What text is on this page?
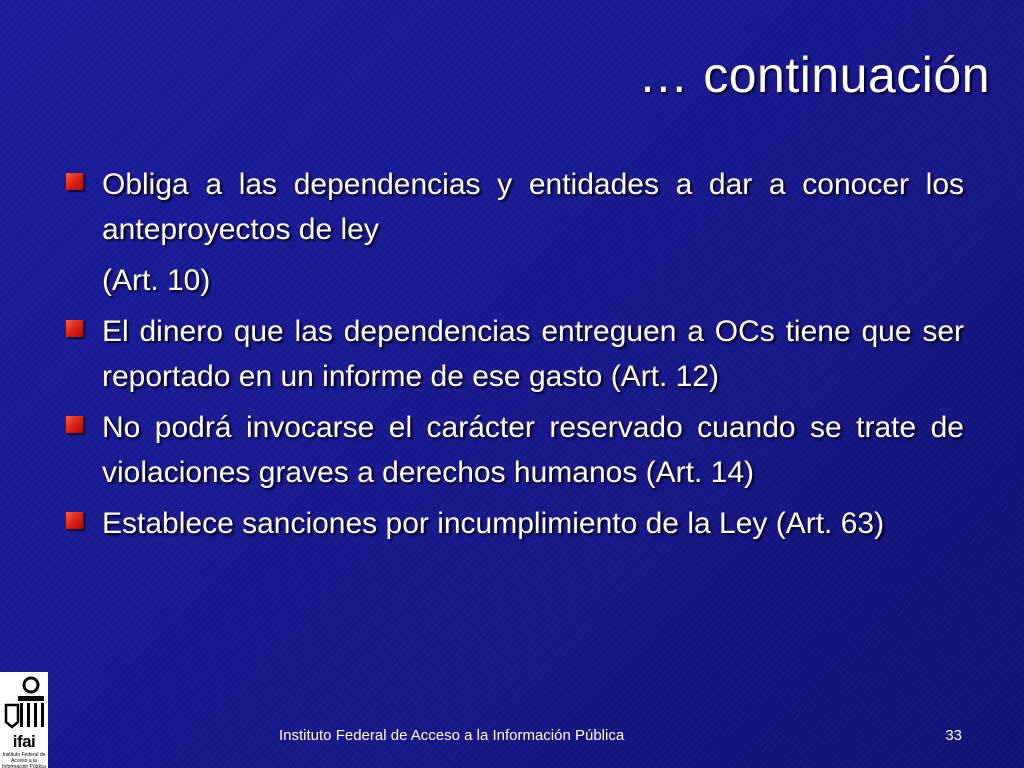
… continuación

Obliga a las dependencias y entidades a dar a conocer los anteproyectos de ley
(Art. 10)

El dinero que las dependencias entreguen a OCs tiene que ser reportado en un informe de ese gasto (Art. 12)

No podrá invocarse el carácter reservado cuando se trate de violaciones graves a derechos humanos (Art. 14)

Establece sanciones por incumplimiento de la Ley (Art. 63)

ifai
Instituto Federal de Acceso a la Información Pública
Instituto Federal de Acceso a la Información Pública	33
